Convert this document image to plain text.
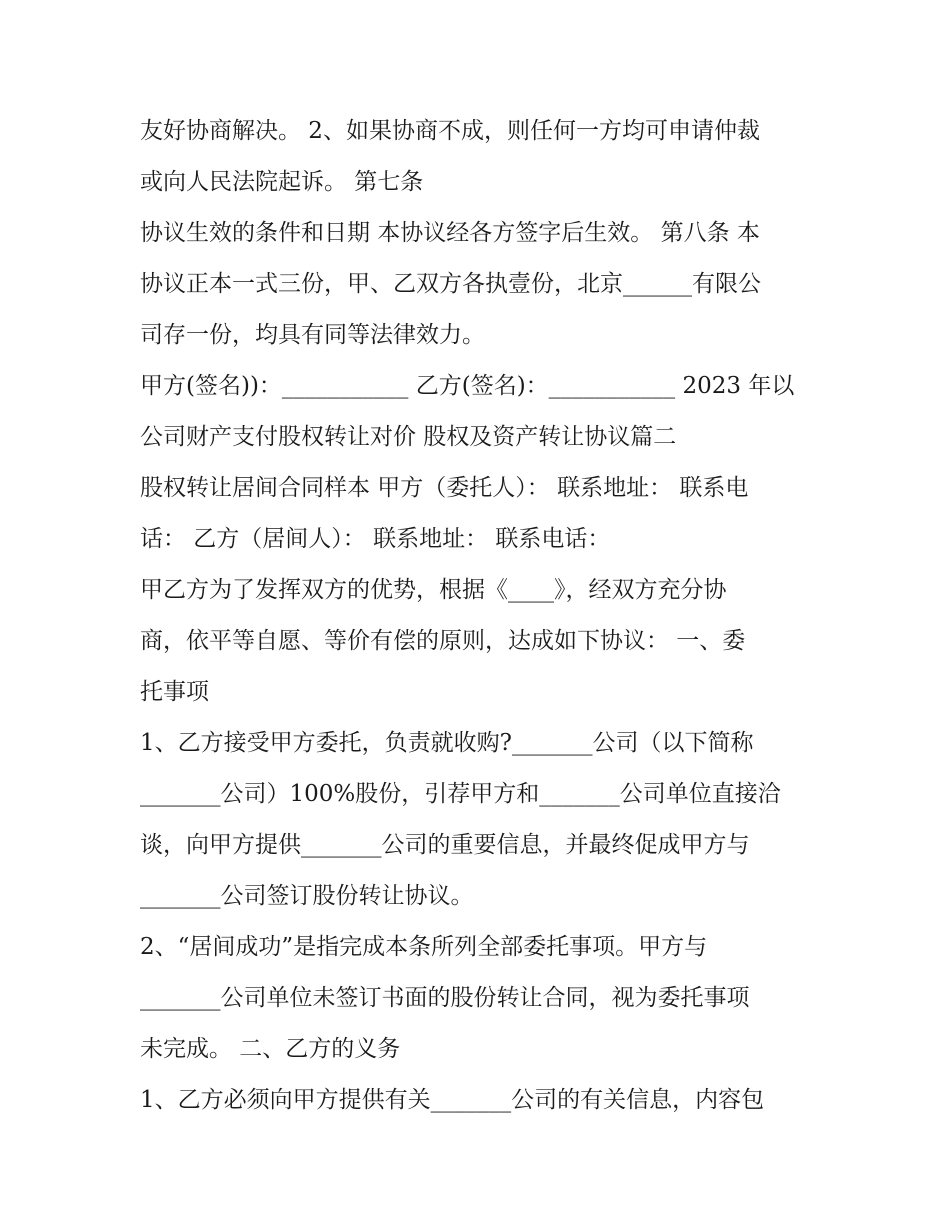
友好协商解决。 2、如果协商不成，则任何一方均可申请仲裁
或向人民法院起诉。 第七条
协议生效的条件和日期 本协议经各方签字后生效。 第八条 本
协议正本一式三份，甲、乙双方各执壹份，北京______有限公
司存一份，均具有同等法律效力。
甲方(签名))：___________ 乙方(签名)：___________ 2023 年以
公司财产支付股权转让对价 股权及资产转让协议篇二
股权转让居间合同样本 甲方（委托人）： 联系地址： 联系电
话： 乙方（居间人）： 联系地址： 联系电话：
甲乙方为了发挥双方的优势，根据《____》，经双方充分协
商，依平等自愿、等价有偿的原则，达成如下协议： 一、委
托事项
1、乙方接受甲方委托，负责就收购?_______公司（以下简称
_______公司）100%股份，引荐甲方和_______公司单位直接洽
谈，向甲方提供_______公司的重要信息，并最终促成甲方与
_______公司签订股份转让协议。
2、“居间成功”是指完成本条所列全部委托事项。甲方与
_______公司单位未签订书面的股份转让合同，视为委托事项
未完成。 二、乙方的义务
1、乙方必须向甲方提供有关_______公司的有关信息，内容包
